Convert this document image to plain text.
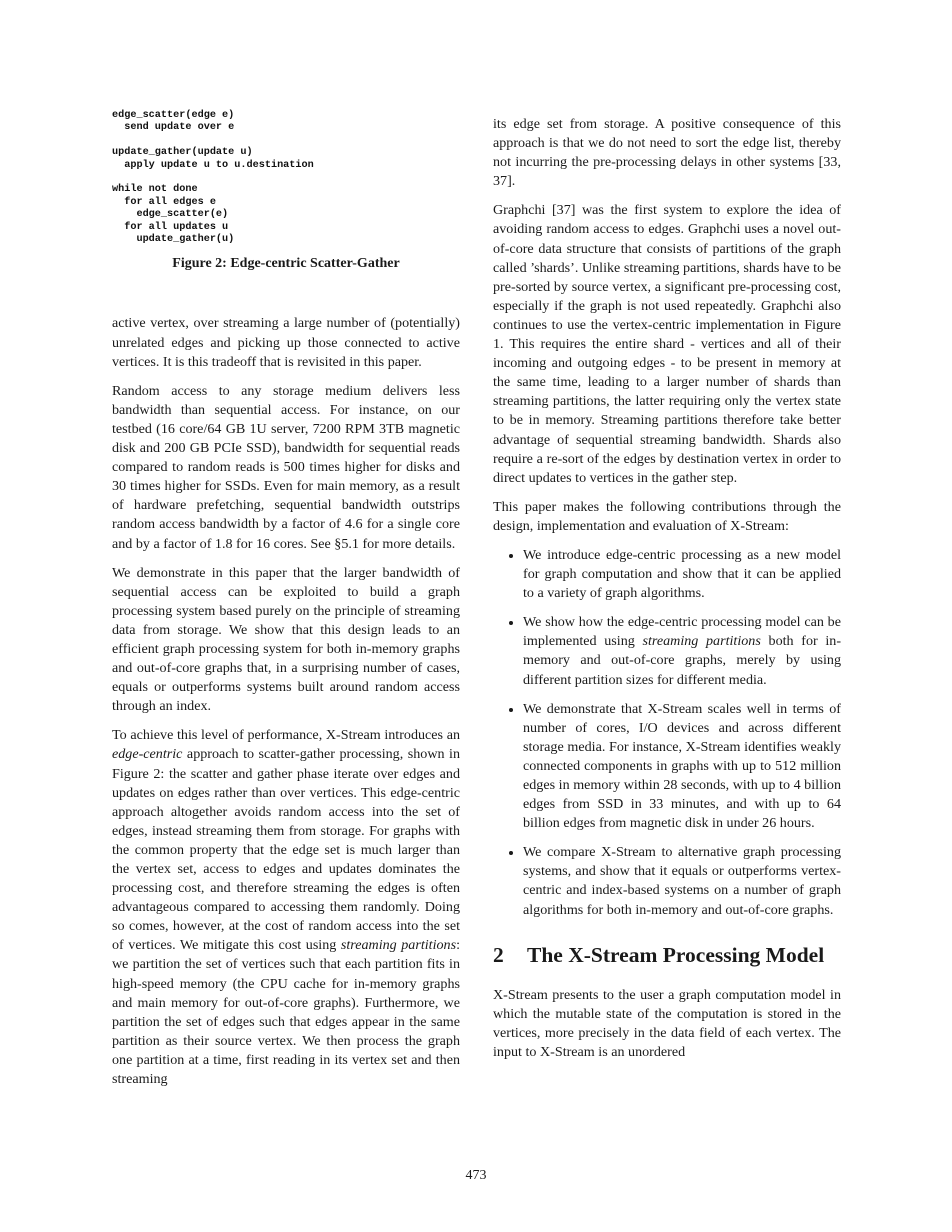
edge_scatter(edge e)
send update over e

update_gather(update u)
apply update u to u.destination

while not done
for all edges e
edge_scatter(e)
for all updates u
update_gather(u)
Figure 2: Edge-centric Scatter-Gather

active vertex, over streaming a large number of (potentially) unrelated edges and picking up those connected to active vertices. It is this tradeoff that is revisited in this paper.

Random access to any storage medium delivers less bandwidth than sequential access. For instance, on our testbed (16 core/64 GB 1U server, 7200 RPM 3TB magnetic disk and 200 GB PCIe SSD), bandwidth for sequential reads compared to random reads is 500 times higher for disks and 30 times higher for SSDs. Even for main memory, as a result of hardware prefetching, sequential bandwidth outstrips random access bandwidth by a factor of 4.6 for a single core and by a factor of 1.8 for 16 cores. See §5.1 for more details.

We demonstrate in this paper that the larger bandwidth of sequential access can be exploited to build a graph processing system based purely on the principle of streaming data from storage. We show that this design leads to an efficient graph processing system for both in-memory graphs and out-of-core graphs that, in a surprising number of cases, equals or outperforms systems built around random access through an index.

To achieve this level of performance, X-Stream introduces an edge-centric approach to scatter-gather processing, shown in Figure 2: the scatter and gather phase iterate over edges and updates on edges rather than over vertices. This edge-centric approach altogether avoids random access into the set of edges, instead streaming them from storage. For graphs with the common property that the edge set is much larger than the vertex set, access to edges and updates dominates the processing cost, and therefore streaming the edges is often advantageous compared to accessing them randomly. Doing so comes, however, at the cost of random access into the set of vertices. We mitigate this cost using streaming partitions: we partition the set of vertices such that each partition fits in high-speed memory (the CPU cache for in-memory graphs and main memory for out-of-core graphs). Furthermore, we partition the set of edges such that edges appear in the same partition as their source vertex. We then process the graph one partition at a time, first reading in its vertex set and then streaming

its edge set from storage. A positive consequence of this approach is that we do not need to sort the edge list, thereby not incurring the pre-processing delays in other systems [33, 37].

Graphchi [37] was the first system to explore the idea of avoiding random access to edges. Graphchi uses a novel out-of-core data structure that consists of partitions of the graph called ’shards’. Unlike streaming partitions, shards have to be pre-sorted by source vertex, a significant pre-processing cost, especially if the graph is not used repeatedly. Graphchi also continues to use the vertex-centric implementation in Figure 1. This requires the entire shard - vertices and all of their incoming and outgoing edges - to be present in memory at the same time, leading to a larger number of shards than streaming partitions, the latter requiring only the vertex state to be in memory. Streaming partitions therefore take better advantage of sequential streaming bandwidth. Shards also require a re-sort of the edges by destination vertex in order to direct updates to vertices in the gather step.

This paper makes the following contributions through the design, implementation and evaluation of X-Stream:

• We introduce edge-centric processing as a new model for graph computation and show that it can be applied to a variety of graph algorithms.
• We show how the edge-centric processing model can be implemented using streaming partitions both for in-memory and out-of-core graphs, merely by using different partition sizes for different media.
• We demonstrate that X-Stream scales well in terms of number of cores, I/O devices and across different storage media. For instance, X-Stream identifies weakly connected components in graphs with up to 512 million edges in memory within 28 seconds, with up to 4 billion edges from SSD in 33 minutes, and with up to 64 billion edges from magnetic disk in under 26 hours.
• We compare X-Stream to alternative graph processing systems, and show that it equals or outperforms vertex-centric and index-based systems on a number of graph algorithms for both in-memory and out-of-core graphs.
2 The X-Stream Processing Model

X-Stream presents to the user a graph computation model in which the mutable state of the computation is stored in the vertices, more precisely in the data field of each vertex. The input to X-Stream is an unordered

473
